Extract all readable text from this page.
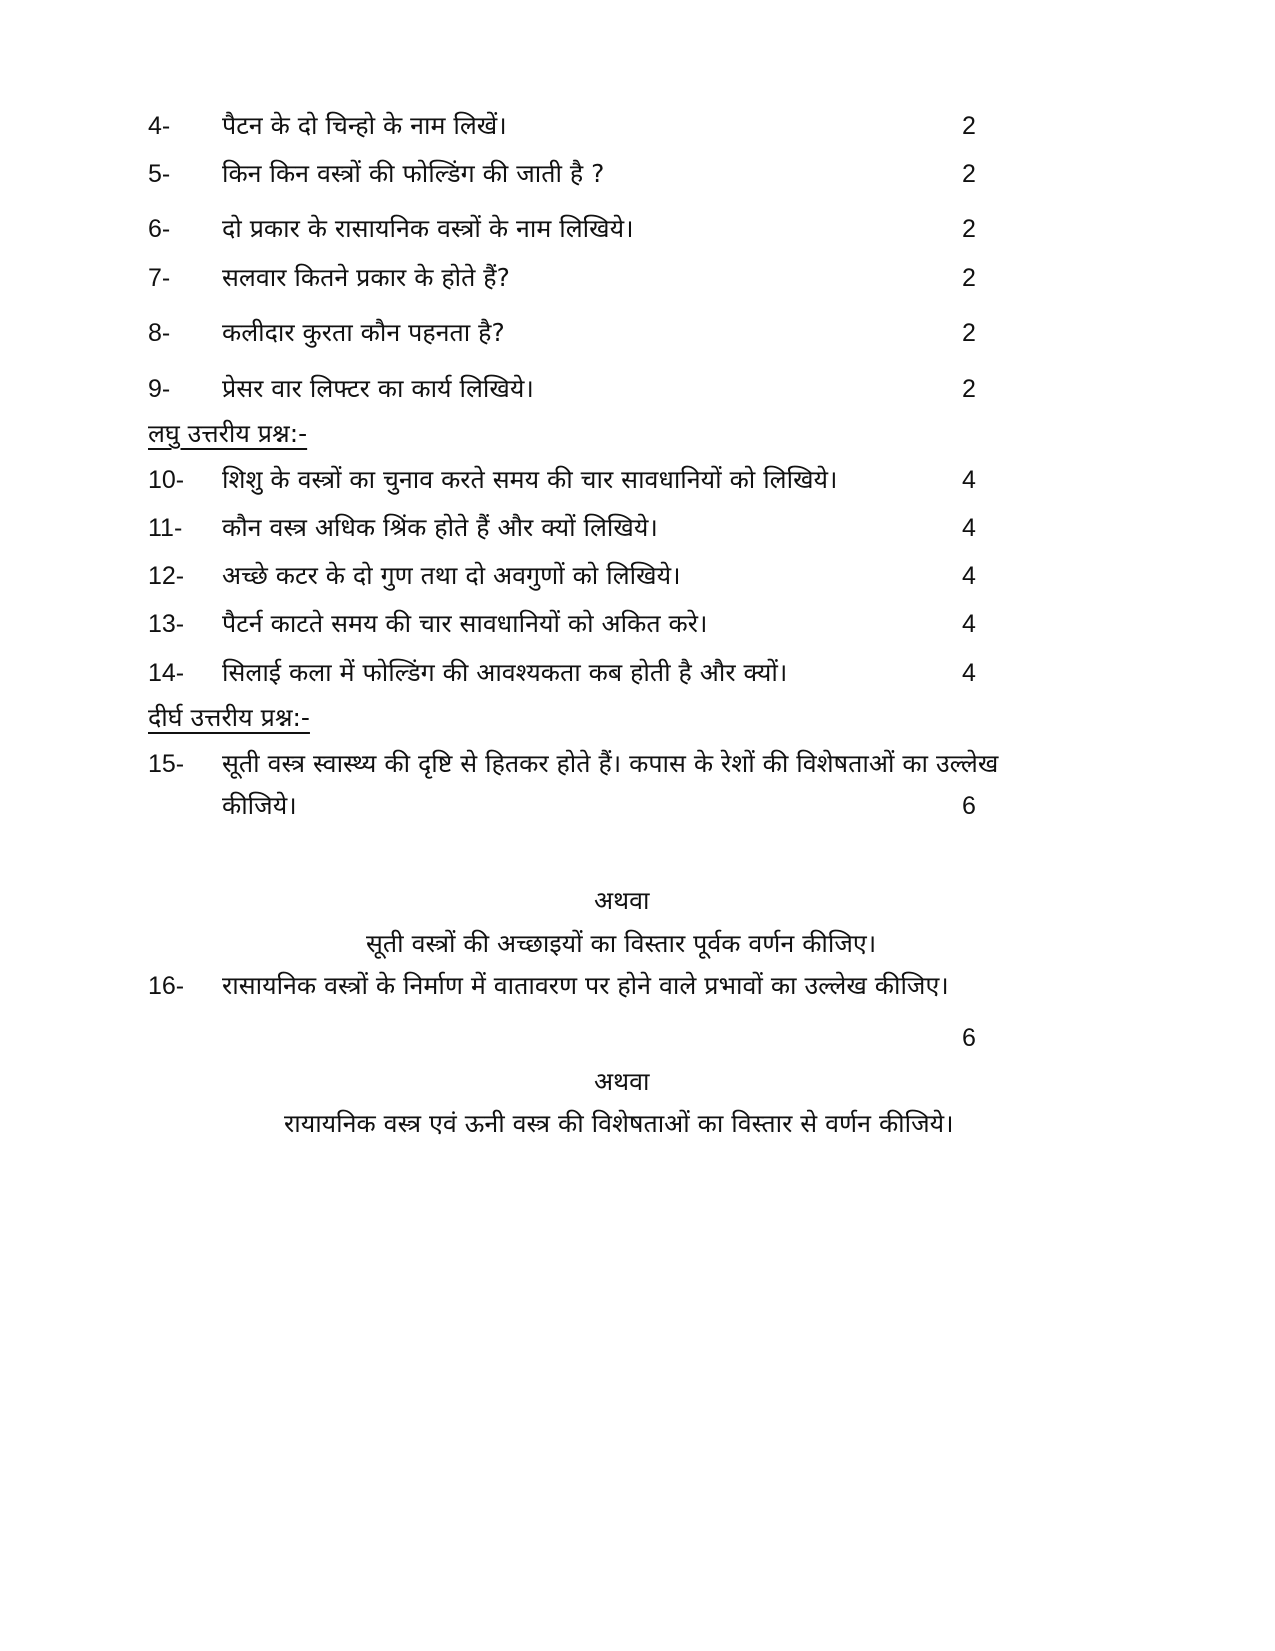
4- पैटन के दो चिन्हो के नाम लिखें।	2
5- किन किन वस्त्रों की फोल्डिंग की जाती है ?	2
6- दो प्रकार के रासायनिक वस्त्रों के नाम लिखिये।	2
7- सलवार कितने प्रकार के होते हैं?	2
8- कलीदार कुरता कौन पहनता है?	2
9- प्रेसर वार लिफ्टर का कार्य लिखिये।	2
लघु उत्तरीय प्रश्न:-
10- शिशु के वस्त्रों का चुनाव करते समय की चार सावधानियों को लिखिये।	4
11- कौन वस्त्र अधिक श्रिंक होते हैं और क्यों लिखिये।	4
12- अच्छे कटर के दो गुण तथा दो अवगुणों को लिखिये।	4
13- पैटर्न काटते समय की चार सावधानियों को अकित करे।	4
14- सिलाई कला में फोल्डिंग की आवश्यकता कब होती है और क्यों।	4
दीर्घ उत्तरीय प्रश्न:-
15- सूती वस्त्र स्वास्थ्य की दृष्टि से हितकर होते हैं। कपास के रेशों की विशेषताओं का उल्लेख
कीजिये।	6
अथवा
सूती वस्त्रों की अच्छाइयों का विस्तार पूर्वक वर्णन कीजिए।
16- रासायनिक वस्त्रों के निर्माण में वातावरण पर होने वाले प्रभावों का उल्लेख कीजिए।
6
अथवा
रायायनिक वस्त्र एवं ऊनी वस्त्र की विशेषताओं का विस्तार से वर्णन कीजिये।
